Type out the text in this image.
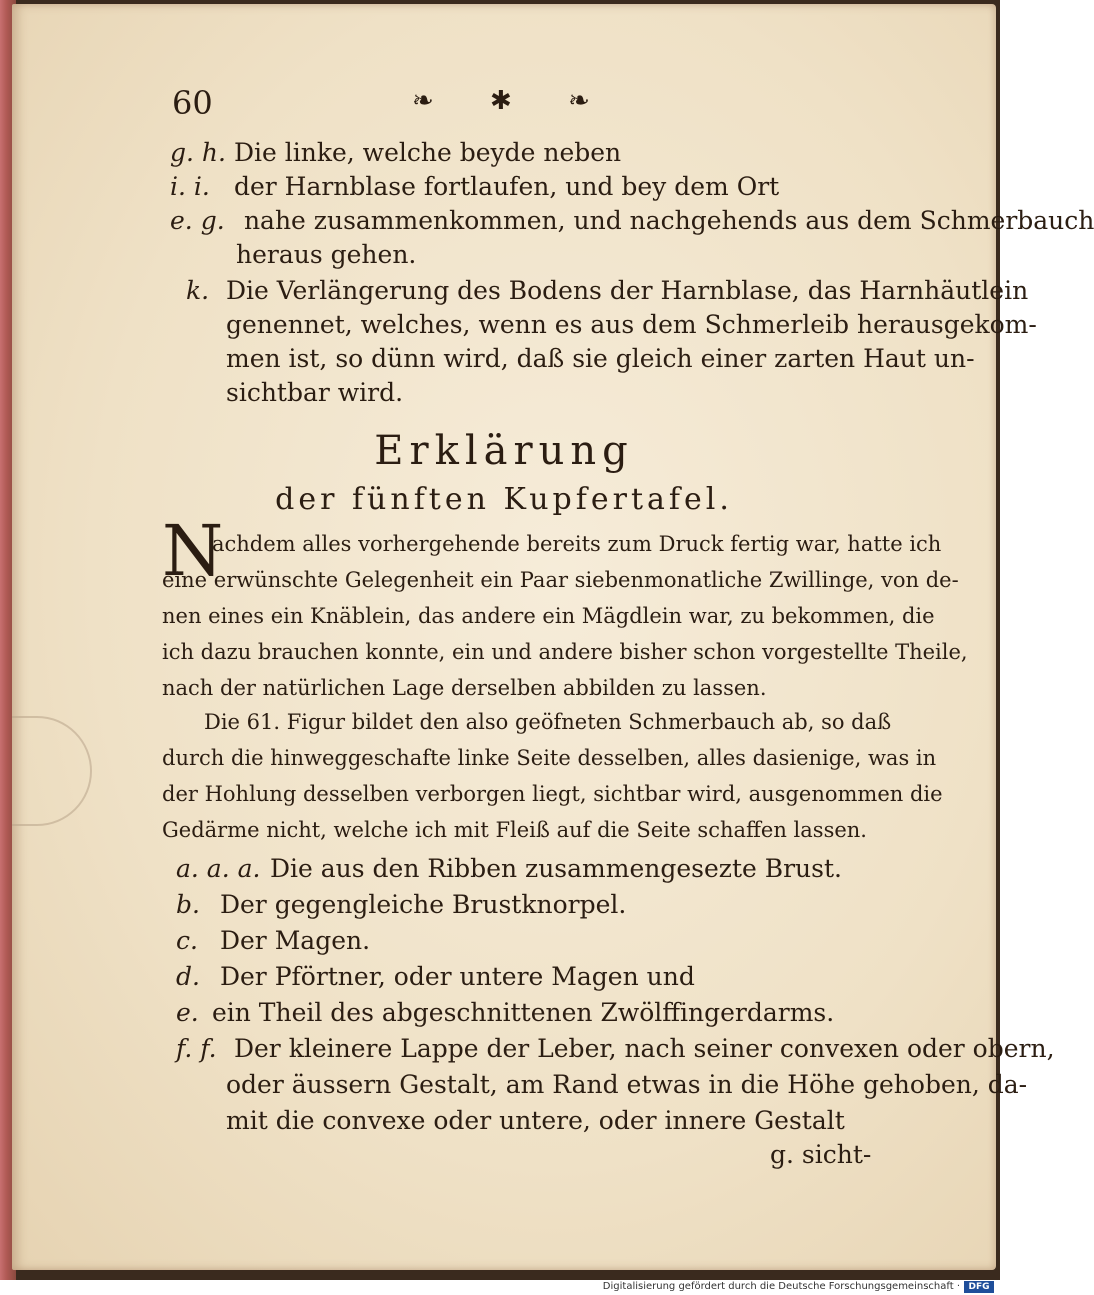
60	❧ ✱ ❧
g. h. Die linke, welche beyde neben
i. i. der Harnblase fortlaufen, und bey dem Ort
e. g. nahe zusammenkommen, und nachgehends aus dem Schmerbauch
heraus gehen.
k. Die Verlängerung des Bodens der Harnblase, das Harnhäutlein
genennet, welches, wenn es aus dem Schmerleib herausgekom-
men ist, so dünn wird, daß sie gleich einer zarten Haut un-
sichtbar wird.
Erklärung
der fünften Kupfertafel.
N
achdem alles vorhergehende bereits zum Druck fertig war, hatte ich
eine erwünschte Gelegenheit ein Paar siebenmonatliche Zwillinge, von de-
nen eines ein Knäblein, das andere ein Mägdlein war, zu bekommen, die
ich dazu brauchen konnte, ein und andere bisher schon vorgestellte Theile,
nach der natürlichen Lage derselben abbilden zu lassen.
Die 61. Figur bildet den also geöfneten Schmerbauch ab, so daß
durch die hinweggeschafte linke Seite desselben, alles dasienige, was in
der Hohlung desselben verborgen liegt, sichtbar wird, ausgenommen die
Gedärme nicht, welche ich mit Fleiß auf die Seite schaffen lassen.
a. a. a. Die aus den Ribben zusammengesezte Brust.
b. Der gegengleiche Brustknorpel.
c. Der Magen.
d. Der Pförtner, oder untere Magen und
e. ein Theil des abgeschnittenen Zwölffingerdarms.
f. f. Der kleinere Lappe der Leber, nach seiner convexen oder obern,
oder äussern Gestalt, am Rand etwas in die Höhe gehoben, da-
mit die convexe oder untere, oder innere Gestalt
g. sicht-
Digitalisierung gefördert durch die Deutsche Forschungsgemeinschaft · DFG
